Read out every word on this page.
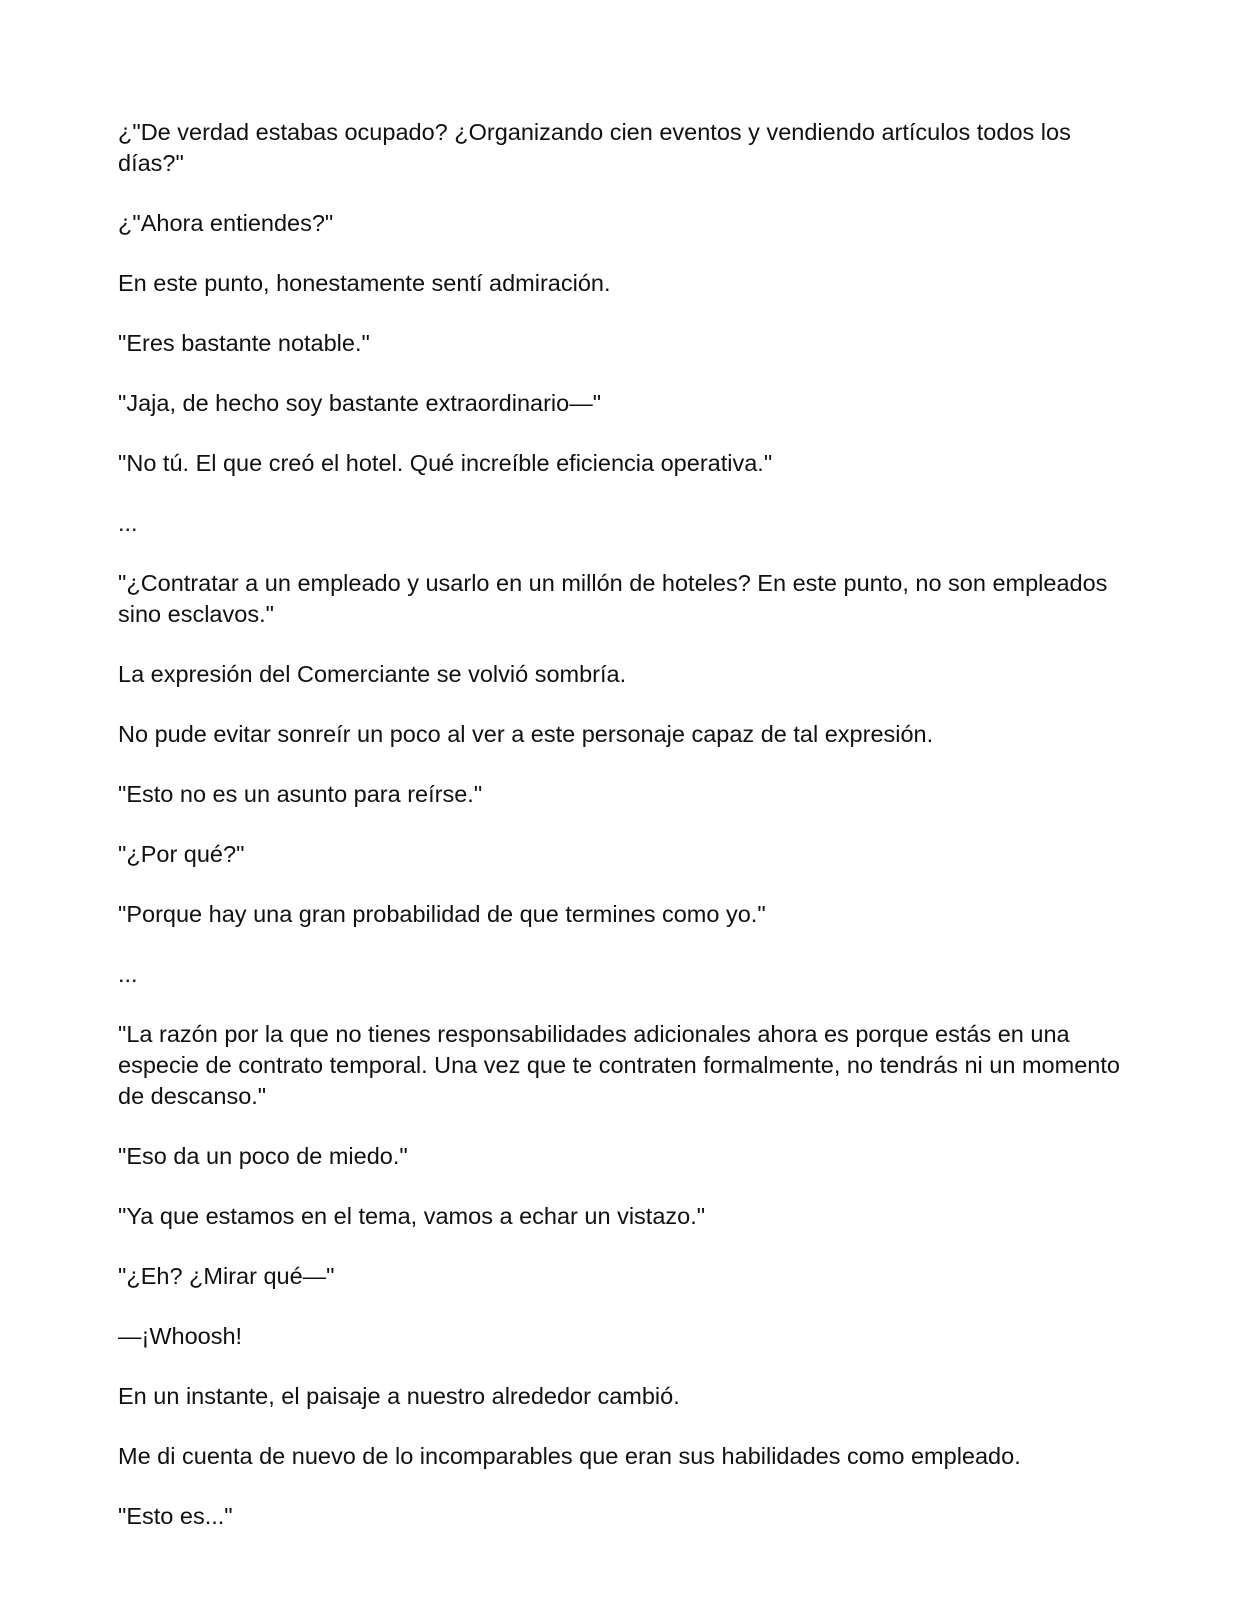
¿"De verdad estabas ocupado? ¿Organizando cien eventos y vendiendo artículos todos los días?"

¿"Ahora entiendes?"

En este punto, honestamente sentí admiración.

"Eres bastante notable."

"Jaja, de hecho soy bastante extraordinario—"

"No tú. El que creó el hotel. Qué increíble eficiencia operativa."

...

"¿Contratar a un empleado y usarlo en un millón de hoteles? En este punto, no son empleados sino esclavos."

La expresión del Comerciante se volvió sombría.

No pude evitar sonreír un poco al ver a este personaje capaz de tal expresión.

"Esto no es un asunto para reírse."

"¿Por qué?"

"Porque hay una gran probabilidad de que termines como yo."

...

"La razón por la que no tienes responsabilidades adicionales ahora es porque estás en una especie de contrato temporal. Una vez que te contraten formalmente, no tendrás ni un momento de descanso."

"Eso da un poco de miedo."

"Ya que estamos en el tema, vamos a echar un vistazo."

"¿Eh? ¿Mirar qué—"

—¡Whoosh!

En un instante, el paisaje a nuestro alrededor cambió.

Me di cuenta de nuevo de lo incomparables que eran sus habilidades como empleado.

"Esto es..."
